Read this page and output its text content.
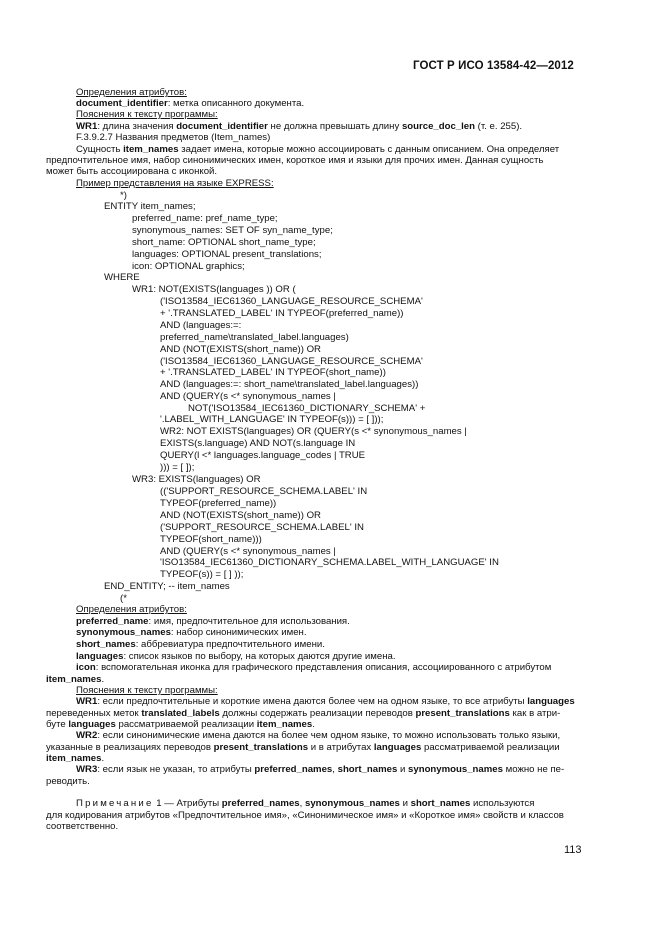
ГОСТ Р ИСО 13584-42—2012
Определения атрибутов:
document_identifier: метка описанного документа.
Пояснения к тексту программы:
WR1: длина значения document_identifier не должна превышать длину source_doc_len (т. е. 255).
F.3.9.2.7 Названия предметов (Item_names)
Сущность item_names задает имена, которые можно ассоциировать с данным описанием. Она определяет
предпочтительное имя, набор синонимических имен, короткое имя и языки для прочих имен. Данная сущность
может быть ассоциирована с иконкой.
Пример представления на языке EXPRESS:
*)
ENTITY item_names;
preferred_name: pref_name_type;
synonymous_names: SET OF syn_name_type;
short_name: OPTIONAL short_name_type;
languages: OPTIONAL present_translations;
icon: OPTIONAL graphics;
WHERE
WR1: NOT(EXISTS(languages )) OR (
('ISO13584_IEC61360_LANGUAGE_RESOURCE_SCHEMA'
+ '.TRANSLATED_LABEL' IN TYPEOF(preferred_name))
AND (languages:=:
preferred_name\translated_label.languages)
AND (NOT(EXISTS(short_name)) OR
('ISO13584_IEC61360_LANGUAGE_RESOURCE_SCHEMA'
+ '.TRANSLATED_LABEL' IN TYPEOF(short_name))
AND (languages:=: short_name\translated_label.languages))
AND (QUERY(s <* synonymous_names |
NOT('ISO13584_IEC61360_DICTIONARY_SCHEMA' +
'.LABEL_WITH_LANGUAGE' IN TYPEOF(s))) = [ ]));
WR2: NOT EXISTS(languages) OR (QUERY(s <* synonymous_names |
EXISTS(s.language) AND NOT(s.language IN
QUERY(l <* languages.language_codes | TRUE
))) = [ ]);
WR3: EXISTS(languages) OR
(('SUPPORT_RESOURCE_SCHEMA.LABEL' IN
TYPEOF(preferred_name))
AND (NOT(EXISTS(short_name)) OR
('SUPPORT_RESOURCE_SCHEMA.LABEL' IN
TYPEOF(short_name)))
AND (QUERY(s <* synonymous_names |
'ISO13584_IEC61360_DICTIONARY_SCHEMA.LABEL_WITH_LANGUAGE' IN
TYPEOF(s)) = [ ] ));
END_ENTITY; -- item_names
(*
Определения атрибутов:
preferred_name: имя, предпочтительное для использования.
synonymous_names: набор синонимических имен.
short_names: аббревиатура предпочтительного имени.
languages: список языков по выбору, на которых даются другие имена.
icon: вспомогательная иконка для графического представления описания, ассоциированного с атрибутом
item_names.
Пояснения к тексту программы:
WR1: если предпочтительные и короткие имена даются более чем на одном языке, то все атрибуты languages
переведенных меток translated_labels должны содержать реализации переводов present_translations как в атри-
буте languages рассматриваемой реализации item_names.
WR2: если синонимические имена даются на более чем одном языке, то можно использовать только языки,
указанные в реализациях переводов present_translations и в атрибутах languages рассматриваемой реализации
item_names.
WR3: если язык не указан, то атрибуты preferred_names, short_names и synonymous_names можно не пе-
реводить.
Примечание 1 — Атрибуты preferred_names, synonymous_names и short_names используются
для кодирования атрибутов «Предпочтительное имя», «Синонимическое имя» и «Короткое имя» свойств и классов
соответственно.
113
